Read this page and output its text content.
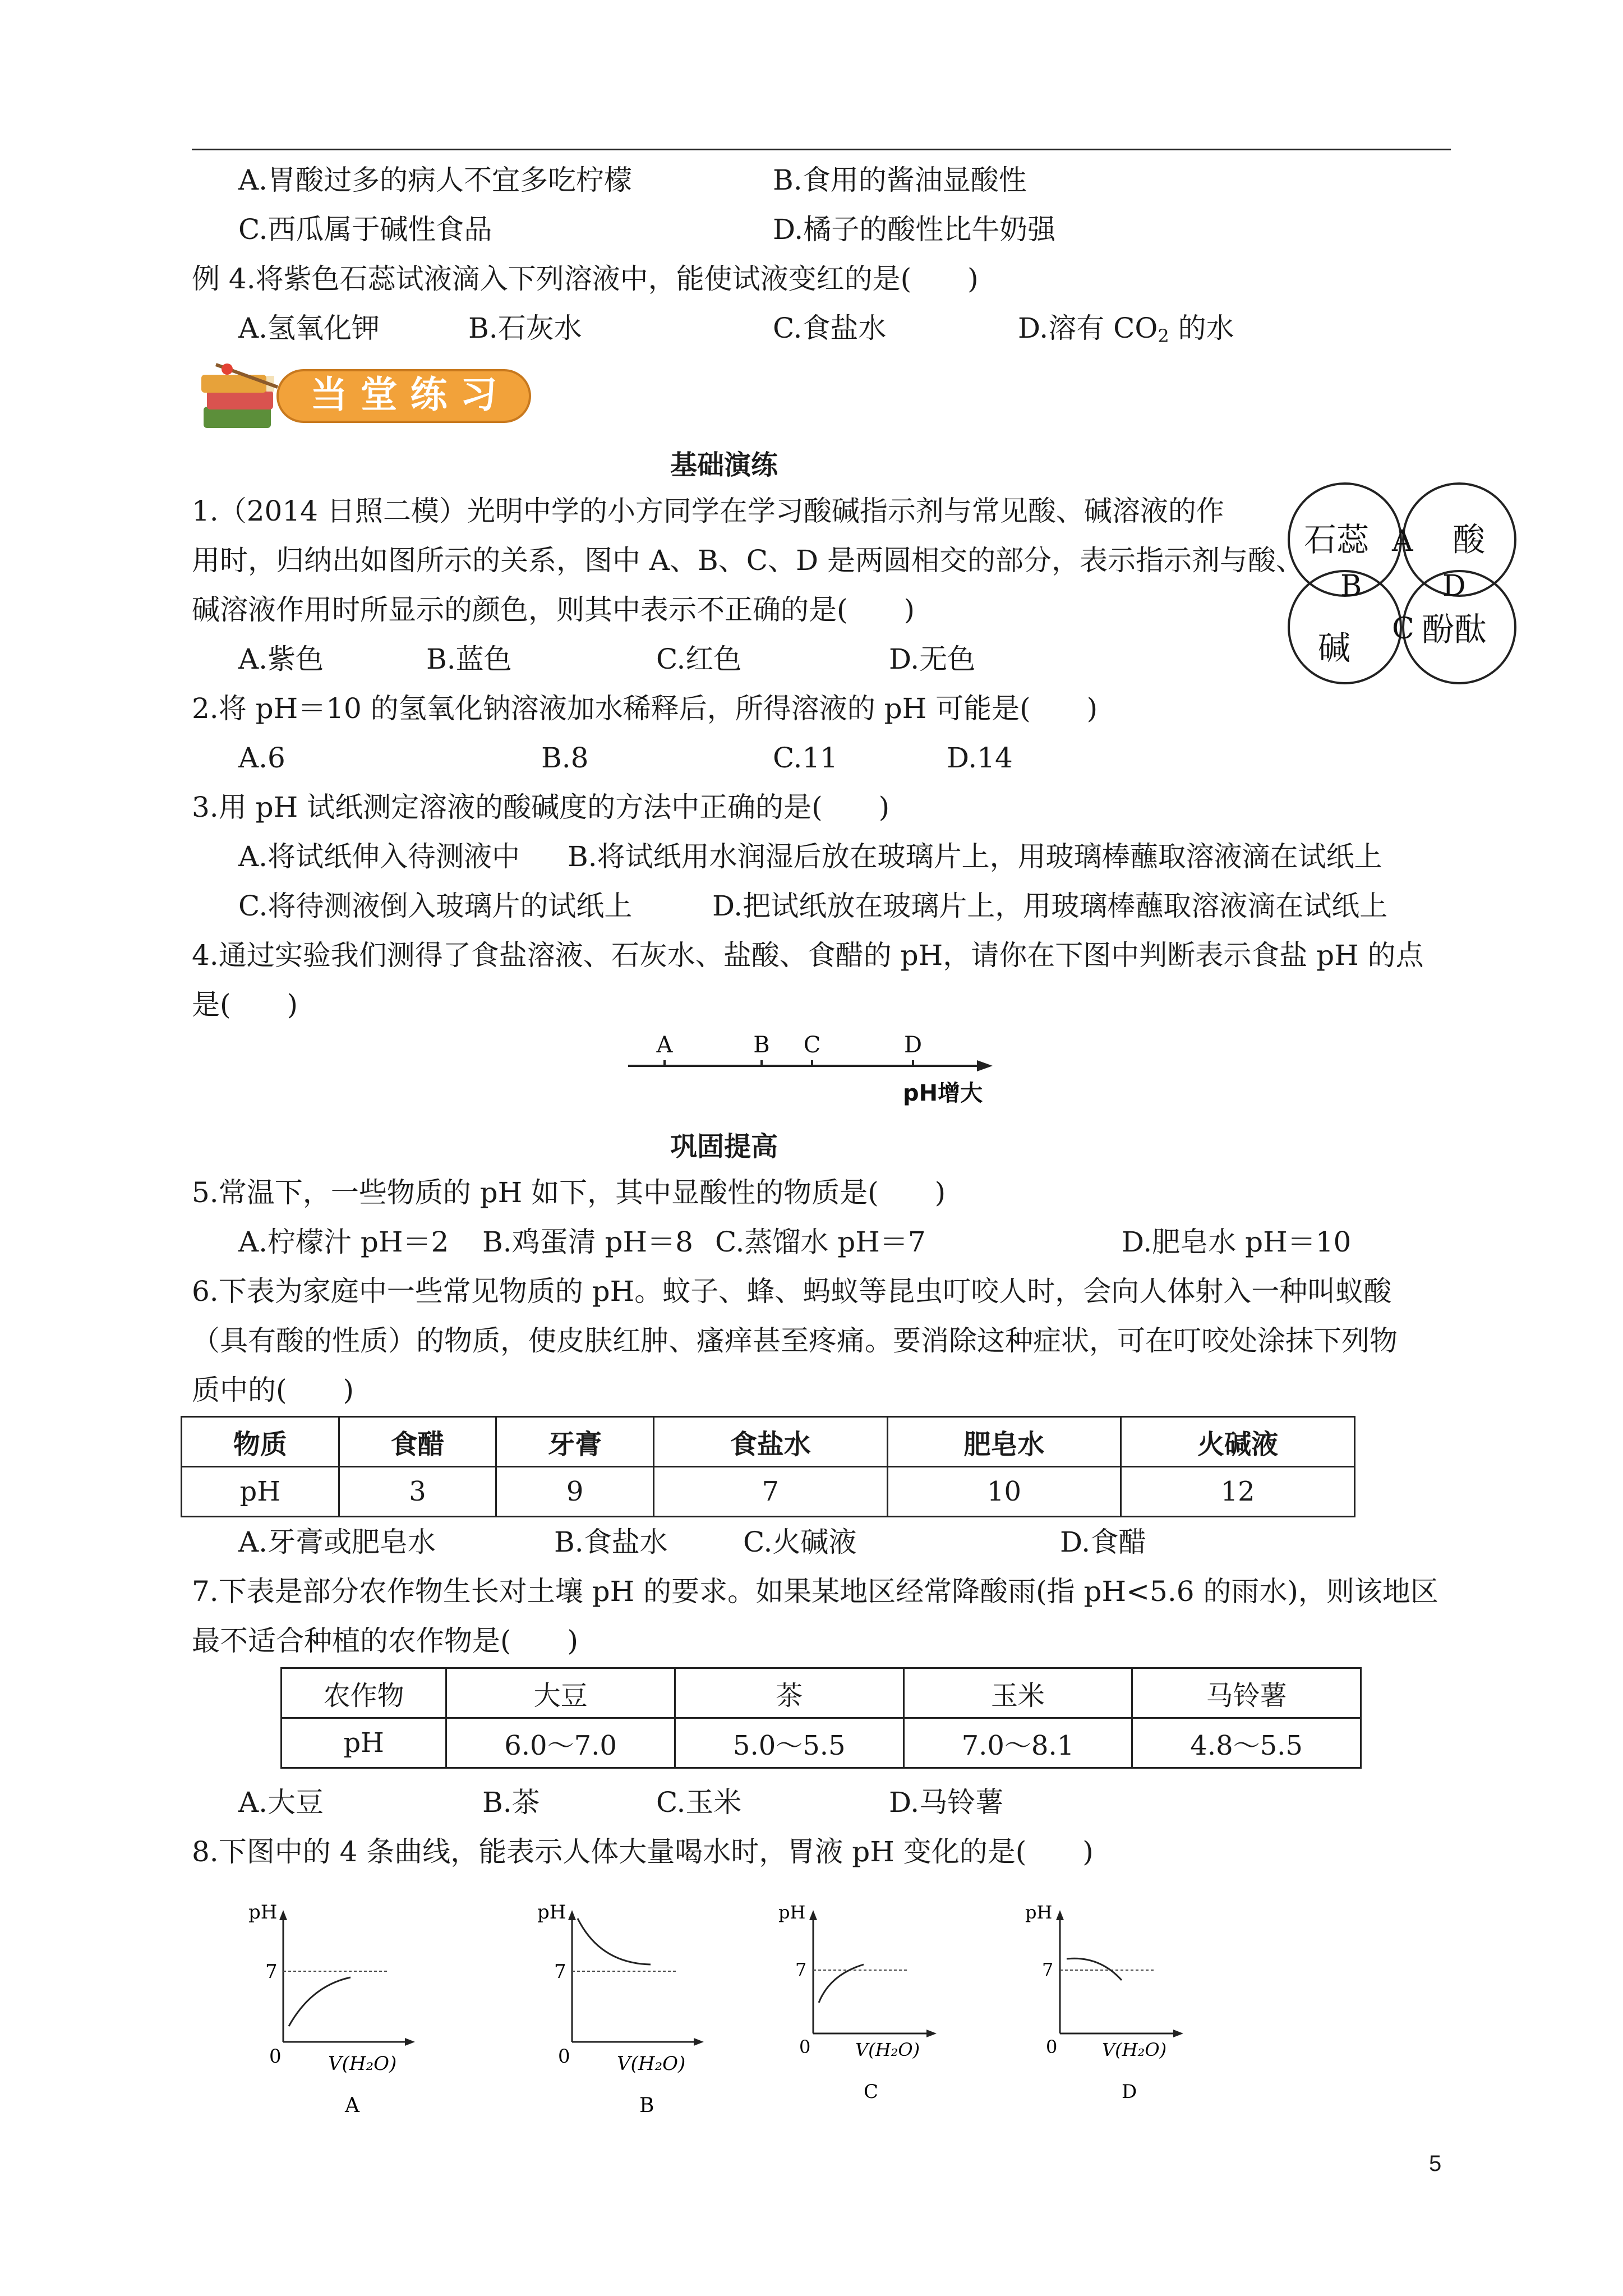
A.胃酸过多的病人不宜多吃柠檬	B.食用的酱油显酸性
C.西瓜属于碱性食品	D.橘子的酸性比牛奶强
例 4.将紫色石蕊试液滴入下列溶液中，能使试液变红的是(　　)
A.氢氧化钾	B.石灰水	C.食盐水	D.溶有 $CO_2$ 的水
当 堂 练 习
基础演练
1.（2014 日照二模）光明中学的小方同学在学习酸碱指示剂与常见酸、碱溶液的作
用时，归纳出如图所示的关系，图中 A、B、C、D 是两圆相交的部分，表示指示剂与酸、
碱溶液作用时所显示的颜色，则其中表示不正确的是(　　)
A.紫色	B.蓝色	C.红色	D.无色
石蕊	酸
碱 酚酞
A
B
C
D
2.将 pH＝10 的氢氧化钠溶液加水稀释后，所得溶液的 pH 可能是(　　)
A.6	B.8	C.11	D.14
3.用 pH 试纸测定溶液的酸碱度的方法中正确的是(　　)
A.将试纸伸入待测液中 B.将试纸用水润湿后放在玻璃片上，用玻璃棒蘸取溶液滴在试纸上
C.将待测液倒入玻璃片的试纸上	D.把试纸放在玻璃片上，用玻璃棒蘸取溶液滴在试纸上
4.通过实验我们测得了食盐溶液、石灰水、盐酸、食醋的 pH，请你在下图中判断表示食盐 pH 的点
是(　　)
A	B C	D
pH增大
巩固提高
5.常温下，一些物质的 pH 如下，其中显酸性的物质是(　　)
A.柠檬汁 pH＝2 B.鸡蛋清 pH＝8 C.蒸馏水 pH＝7	D.肥皂水 pH＝10
6.下表为家庭中一些常见物质的 pH。蚊子、蜂、蚂蚁等昆虫叮咬人时，会向人体射入一种叫蚁酸
（具有酸的性质）的物质，使皮肤红肿、瘙痒甚至疼痛。要消除这种症状，可在叮咬处涂抹下列物
质中的(　　)
物质	食醋	牙膏	食盐水	肥皂水	火碱液
pH	3	9	7	10	12
A.牙膏或肥皂水	B.食盐水	C.火碱液	D.食醋
7.下表是部分农作物生长对土壤 pH 的要求。如果某地区经常降酸雨(指 pH<5.6 的雨水)，则该地区
最不适合种植的农作物是(　　)
农作物	大豆	茶	玉米	马铃薯
pH	6.0～7.0	5.0～5.5	7.0～8.1	4.8～5.5
A.大豆	B.茶	C.玉米	D.马铃薯
8.下图中的 4 条曲线，能表示人体大量喝水时，胃液 pH 变化的是(　　)
pH
7
0 V(H₂O)
A
pH
7
0 V(H₂O)
B
pH
7
0 V(H₂O)
C
pH
7
0 V(H₂O)
D
5
